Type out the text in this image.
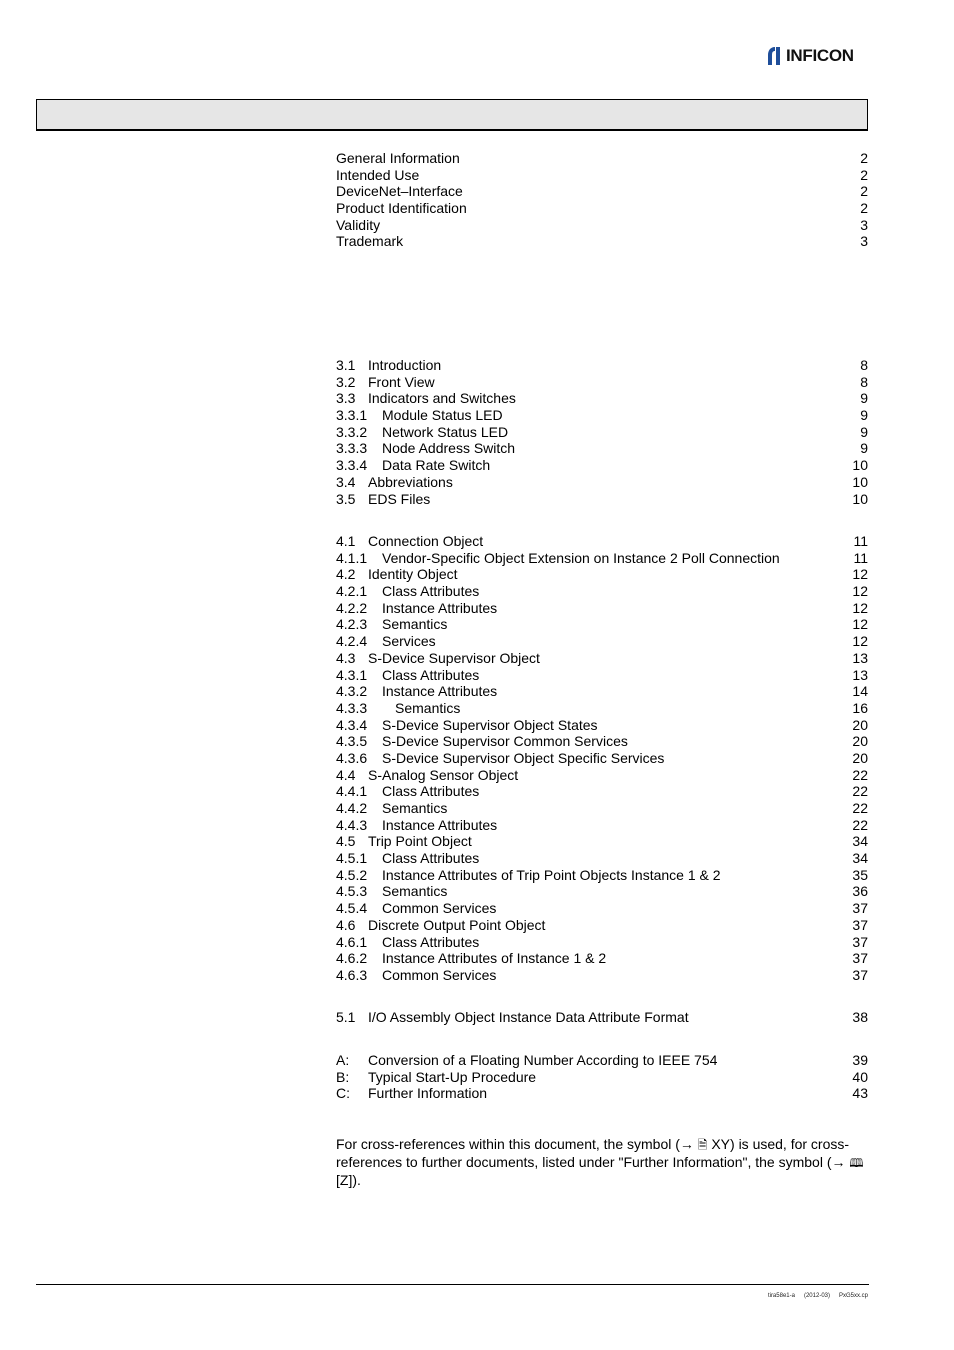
INFICON
General Information	2
Intended Use	2
DeviceNet–Interface	2
Product Identification	2
Validity	3
Trademark	3
3.1 Introduction	8
3.2 Front View	8
3.3 Indicators and Switches	9
3.3.1	Module Status LED	9
3.3.2	Network Status LED	9
3.3.3	Node Address Switch	9
3.3.4	Data Rate Switch	10
3.4 Abbreviations	10
3.5 EDS Files	10
4.1 Connection Object	11
4.1.1	Vendor-Specific Object Extension on Instance 2 Poll Connection	11
4.2 Identity Object	12
4.2.1	Class Attributes	12
4.2.2	Instance Attributes	12
4.2.3	Semantics	12
4.2.4	Services	12
4.3 S-Device Supervisor Object	13
4.3.1	Class Attributes	13
4.3.2	Instance Attributes	14
4.3.3	Semantics	16
4.3.4	S-Device Supervisor Object States	20
4.3.5	S-Device Supervisor Common Services	20
4.3.6	S-Device Supervisor Object Specific Services	20
4.4 S-Analog Sensor Object	22
4.4.1	Class Attributes	22
4.4.2	Semantics	22
4.4.3	Instance Attributes	22
4.5 Trip Point Object	34
4.5.1	Class Attributes	34
4.5.2	Instance Attributes of Trip Point Objects Instance 1 & 2	35
4.5.3	Semantics	36
4.5.4	Common Services	37
4.6 Discrete Output Point Object	37
4.6.1	Class Attributes	37
4.6.2	Instance Attributes of Instance 1 & 2	37
4.6.3	Common Services	37
5.1 I/O Assembly Object Instance Data Attribute Format	38
A:	Conversion of a Floating Number According to IEEE 754	39
B:	Typical Start-Up Procedure	40
C:	Further Information	43
For cross-references within this document, the symbol (→ 🗎 XY) is used, for cross-references to further documents, listed under "Further Information", the symbol (→ 🕮 [Z]).
tira58e1-a (2012-03) PxG5xx.cp
